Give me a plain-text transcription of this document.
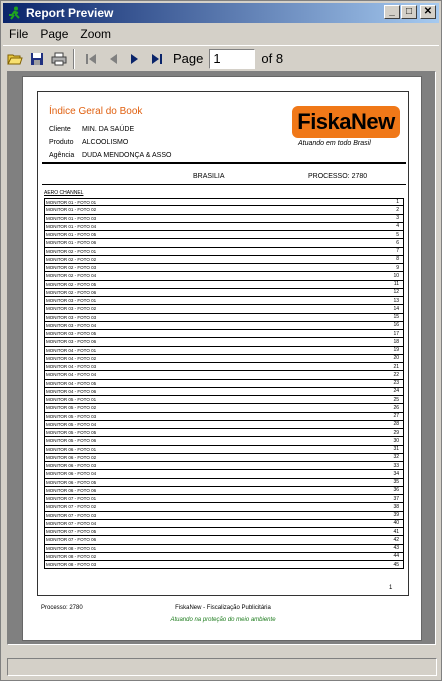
Report Preview	_	□	✕
File	Page	Zoom
Page
1	of 8
Índice Geral do Book
Cliente MIN. DA SAÚDE
Produto ALCOOLISMO
Agência DUDA MENDONÇA & ASSO
FiskaNew
Atuando em todo Brasil
BRASILIA	PROCESSO: 2780
AERO CHANNEL
MONITOR 01 - FOTO 01	1
MONITOR 01 - FOTO 02	2
MONITOR 01 - FOTO 03	3
MONITOR 01 - FOTO 04	4
MONITOR 01 - FOTO 05	5
MONITOR 01 - FOTO 06	6
MONITOR 02 - FOTO 01	7
MONITOR 02 - FOTO 02	8
MONITOR 02 - FOTO 03	9
MONITOR 02 - FOTO 04	10
MONITOR 02 - FOTO 05	11
MONITOR 02 - FOTO 06	12
MONITOR 03 - FOTO 01	13
MONITOR 03 - FOTO 02	14
MONITOR 03 - FOTO 03	15
MONITOR 03 - FOTO 04	16
MONITOR 03 - FOTO 05	17
MONITOR 03 - FOTO 06	18
MONITOR 04 - FOTO 01	19
MONITOR 04 - FOTO 02	20
MONITOR 04 - FOTO 03	21
MONITOR 04 - FOTO 04	22
MONITOR 04 - FOTO 05	23
MONITOR 04 - FOTO 06	24
MONITOR 05 - FOTO 01	25
MONITOR 05 - FOTO 02	26
MONITOR 05 - FOTO 03	27
MONITOR 05 - FOTO 04	28
MONITOR 05 - FOTO 05	29
MONITOR 05 - FOTO 06	30
MONITOR 06 - FOTO 01	31
MONITOR 06 - FOTO 02	32
MONITOR 06 - FOTO 03	33
MONITOR 06 - FOTO 04	34
MONITOR 06 - FOTO 05	35
MONITOR 06 - FOTO 06	36
MONITOR 07 - FOTO 01	37
MONITOR 07 - FOTO 02	38
MONITOR 07 - FOTO 03	39
MONITOR 07 - FOTO 04	40
MONITOR 07 - FOTO 05	41
MONITOR 07 - FOTO 06	42
MONITOR 08 - FOTO 01	43
MONITOR 08 - FOTO 02	44
MONITOR 08 - FOTO 03	45
1
FiskaNew - Fiscalização Publicitária
Processo: 2780
Atuando na proteção do meio ambiente
